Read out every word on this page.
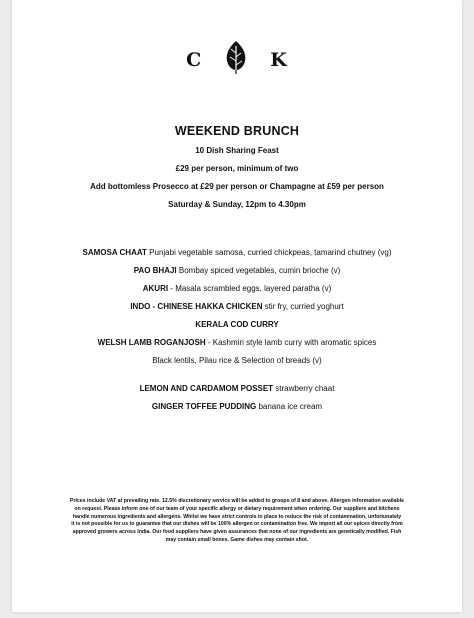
C	K
WEEKEND BRUNCH
10 Dish Sharing Feast
£29 per person, minimum of two
Add bottomless Prosecco at £29 per person or Champagne at £59 per person
Saturday & Sunday, 12pm to 4.30pm
SAMOSA CHAAT Punjabi vegetable samosa, curried chickpeas, tamarind chutney (vg)
PAO BHAJI Bombay spiced vegetables, cumin brioche (v)
AKURI - Masala scrambled eggs, layered paratha (v)
INDO - CHINESE HAKKA CHICKEN stir fry, curried yoghurt
KERALA COD CURRY
WELSH LAMB ROGANJOSH - Kashmiri style lamb curry with aromatic spices
Black lentils, Pilau rice & Selection of breads (v)
LEMON AND CARDAMOM POSSET strawberry chaat
GINGER TOFFEE PUDDING banana ice cream
Prices include VAT at prevailing rate. 12.5% discretionary service will be added to groups of 8 and above. Allergen information available
on request. Please inform one of our team of your specific allergy or dietary requirement when ordering. Our suppliers and kitchens
handle numerous ingredients and allergens. Whilst we have strict controls in place to reduce the risk of contamination, unfortunately
it is not possible for us to guarantee that our dishes will be 100% allergen or contamination free. We import all our spices directly from
approved growers across India. Our food suppliers have given assurances that none of our ingredients are genetically modified. Fish
may contain small bones. Game dishes may contain shot.
